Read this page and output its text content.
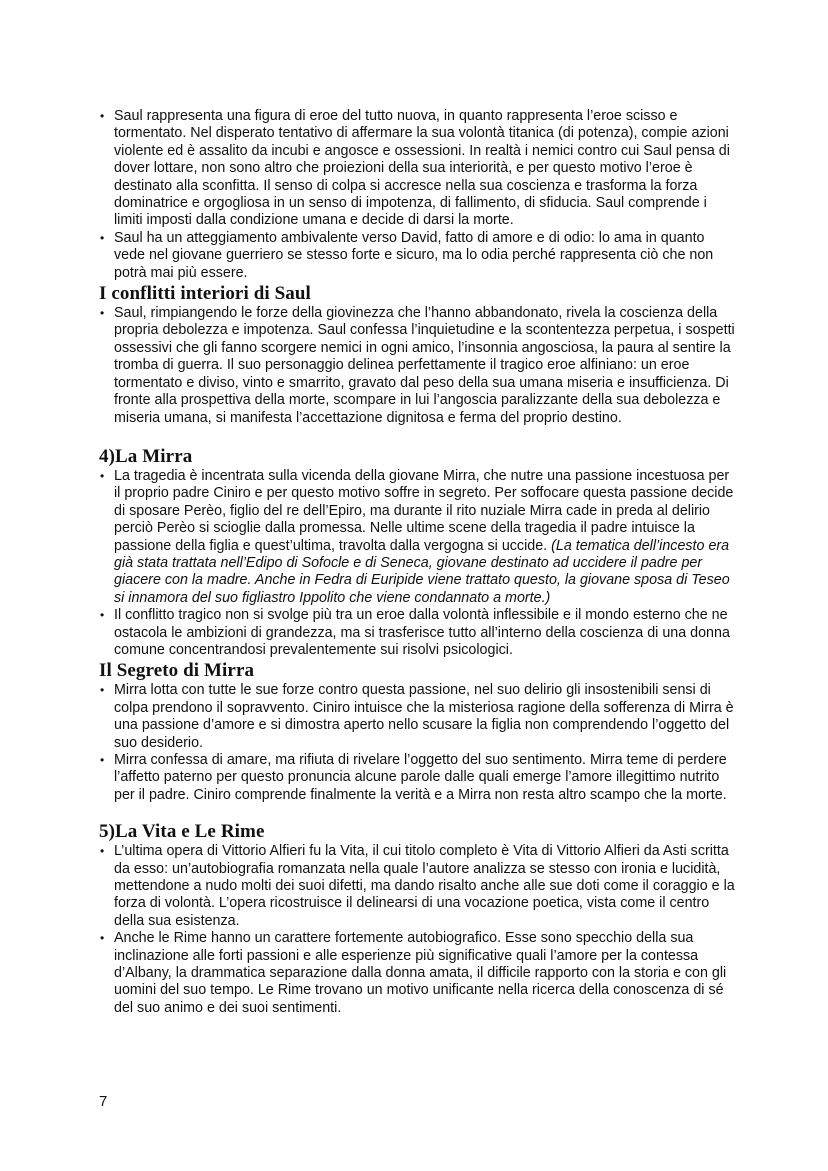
• Saul rappresenta una figura di eroe del tutto nuova, in quanto rappresenta l’eroe scisso e tormentato. Nel disperato tentativo di affermare la sua volontà titanica (di potenza), compie azioni violente ed è assalito da incubi e angosce e ossessioni. In realtà i nemici contro cui Saul pensa di dover lottare, non sono altro che proiezioni della sua interiorità, e per questo motivo l’eroe è destinato alla sconfitta. Il senso di colpa si accresce nella sua coscienza e trasforma la forza dominatrice e orgogliosa in un senso di impotenza, di fallimento, di sfiducia. Saul comprende i limiti imposti dalla condizione umana e decide di darsi la morte.
• Saul ha un atteggiamento ambivalente verso David, fatto di amore e di odio: lo ama in quanto vede nel giovane guerriero se stesso forte e sicuro, ma lo odia perché rappresenta ciò che non potrà mai più essere.
I conflitti interiori di Saul
• Saul, rimpiangendo le forze della giovinezza che l’hanno abbandonato, rivela la coscienza della propria debolezza e impotenza. Saul confessa l’inquietudine e la scontentezza perpetua, i sospetti ossessivi che gli fanno scorgere nemici in ogni amico, l’insonnia angosciosa, la paura al sentire la tromba di guerra. Il suo personaggio delinea perfettamente il tragico eroe alfiniano: un eroe tormentato e diviso, vinto e smarrito, gravato dal peso della sua umana miseria e insufficienza. Di fronte alla prospettiva della morte, scompare in lui l’angoscia paralizzante della sua debolezza e miseria umana, si manifesta l’accettazione dignitosa e ferma del proprio destino.
4)La Mirra
• La tragedia è incentrata sulla vicenda della giovane Mirra, che nutre una passione incestuosa per il proprio padre Ciniro e per questo motivo soffre in segreto. Per soffocare questa passione decide di sposare Perèo, figlio del re dell’Epiro, ma durante il rito nuziale Mirra cade in preda al delirio perciò Perèo si scioglie dalla promessa. Nelle ultime scene della tragedia il padre intuisce la passione della figlia e quest’ultima, travolta dalla vergogna si uccide. (La tematica dell’incesto era già stata trattata nell’Edipo di Sofocle e di Seneca, giovane destinato ad uccidere il padre per giacere con la madre. Anche in Fedra di Euripide viene trattato questo, la giovane sposa di Teseo si innamora del suo figliastro Ippolito che viene condannato a morte.)
• Il conflitto tragico non si svolge più tra un eroe dalla volontà inflessibile e il mondo esterno che ne ostacola le ambizioni di grandezza, ma si trasferisce tutto all’interno della coscienza di una donna comune concentrandosi prevalentemente sui risolvi psicologici.
Il Segreto di Mirra
• Mirra lotta con tutte le sue forze contro questa passione, nel suo delirio gli insostenibili sensi di colpa prendono il sopravvento. Ciniro intuisce che la misteriosa ragione della sofferenza di Mirra è una passione d’amore e si dimostra aperto nello scusare la figlia non comprendendo l’oggetto del suo desiderio.
• Mirra confessa di amare, ma rifiuta di rivelare l’oggetto del suo sentimento. Mirra teme di perdere l’affetto paterno per questo pronuncia alcune parole dalle quali emerge l’amore illegittimo nutrito per il padre. Ciniro comprende finalmente la verità e a Mirra non resta altro scampo che la morte.
5)La Vita e Le Rime
• L’ultima opera di Vittorio Alfieri fu la Vita, il cui titolo completo è Vita di Vittorio Alfieri da Asti scritta da esso: un’autobiografia romanzata nella quale l’autore analizza se stesso con ironia e lucidità, mettendone a nudo molti dei suoi difetti, ma dando risalto anche alle sue doti come il coraggio e la forza di volontà. L’opera ricostruisce il delinearsi di una vocazione poetica, vista come il centro della sua esistenza.
• Anche le Rime hanno un carattere fortemente autobiografico. Esse sono specchio della sua inclinazione alle forti passioni e alle esperienze più significative quali l’amore per la contessa d’Albany, la drammatica separazione dalla donna amata, il difficile rapporto con la storia e con gli uomini del suo tempo. Le Rime trovano un motivo unificante nella ricerca della conoscenza di sé del suo animo e dei suoi sentimenti.
7
